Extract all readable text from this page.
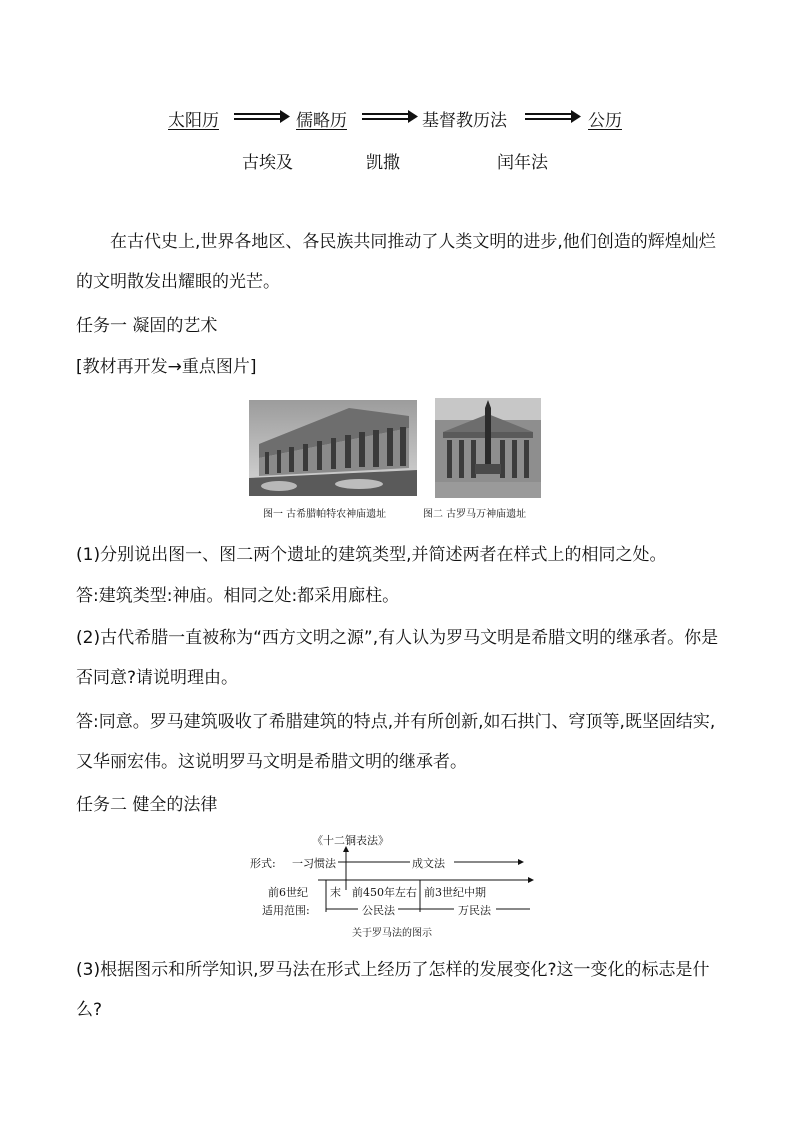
太阳历	儒略历	基督教历法	公历
古埃及	凯撒	闰年法
在古代史上,世界各地区、各民族共同推动了人类文明的进步,他们创造的辉煌灿烂的文明散发出耀眼的光芒。
任务一 凝固的艺术
[教材再开发→重点图片]
图一 古希腊帕特农神庙遗址	图二 古罗马万神庙遗址
(1)分别说出图一、图二两个遗址的建筑类型,并简述两者在样式上的相同之处。
答:建筑类型:神庙。相同之处:都采用廊柱。
(2)古代希腊一直被称为“西方文明之源”,有人认为罗马文明是希腊文明的继承者。你是否同意?请说明理由。
答:同意。罗马建筑吸收了希腊建筑的特点,并有所创新,如石拱门、穹顶等,既坚固结实,又华丽宏伟。这说明罗马文明是希腊文明的继承者。
任务二 健全的法律
《十二铜表法》
形式: 一习惯法	成文法
前6世纪 末 前450年左右 前3世纪中期
适用范围:	公民法	万民法
关于罗马法的图示
(3)根据图示和所学知识,罗马法在形式上经历了怎样的发展变化?这一变化的标志是什么?
